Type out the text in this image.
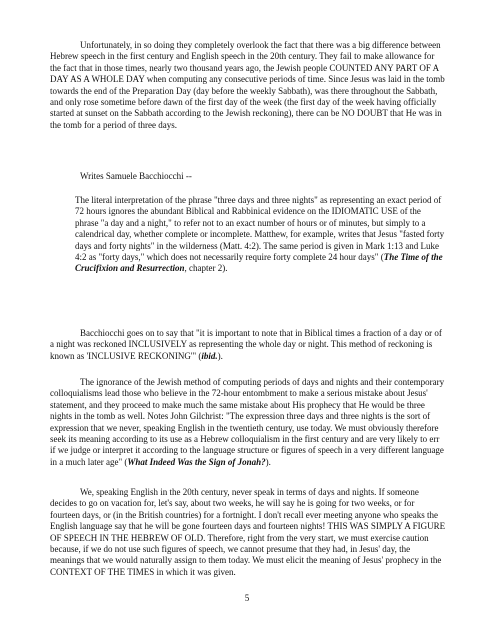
Unfortunately, in so doing they completely overlook the fact that there was a big difference between Hebrew speech in the first century and English speech in the 20th century. They fail to make allowance for the fact that in those times, nearly two thousand years ago, the Jewish people COUNTED ANY PART OF A DAY AS A WHOLE DAY when computing any consecutive periods of time. Since Jesus was laid in the tomb towards the end of the Preparation Day (day before the weekly Sabbath), was there throughout the Sabbath, and only rose sometime before dawn of the first day of the week (the first day of the week having officially started at sunset on the Sabbath according to the Jewish reckoning), there can be NO DOUBT that He was in the tomb for a period of three days.

Writes Samuele Bacchiocchi --

The literal interpretation of the phrase "three days and three nights" as representing an exact period of 72 hours ignores the abundant Biblical and Rabbinical evidence on the IDIOMATIC USE of the phrase "a day and a night," to refer not to an exact number of hours or of minutes, but simply to a calendrical day, whether complete or incomplete. Matthew, for example, writes that Jesus "fasted forty days and forty nights" in the wilderness (Matt. 4:2). The same period is given in Mark 1:13 and Luke 4:2 as "forty days," which does not necessarily require forty complete 24 hour days" (The Time of the Crucifixion and Resurrection, chapter 2).

Bacchiocchi goes on to say that "it is important to note that in Biblical times a fraction of a day or of a night was reckoned INCLUSIVELY as representing the whole day or night. This method of reckoning is known as 'INCLUSIVE RECKONING'" (ibid.).

The ignorance of the Jewish method of computing periods of days and nights and their contemporary colloquialisms lead those who believe in the 72-hour entombment to make a serious mistake about Jesus' statement, and they proceed to make much the same mistake about His prophecy that He would be three nights in the tomb as well. Notes John Gilchrist: "The expression three days and three nights is the sort of expression that we never, speaking English in the twentieth century, use today. We must obviously therefore seek its meaning according to its use as a Hebrew colloquialism in the first century and are very likely to err if we judge or interpret it according to the language structure or figures of speech in a very different language in a much later age" (What Indeed Was the Sign of Jonah?).

We, speaking English in the 20th century, never speak in terms of days and nights. If someone decides to go on vacation for, let's say, about two weeks, he will say he is going for two weeks, or for fourteen days, or (in the British countries) for a fortnight. I don't recall ever meeting anyone who speaks the English language say that he will be gone fourteen days and fourteen nights! THIS WAS SIMPLY A FIGURE OF SPEECH IN THE HEBREW OF OLD. Therefore, right from the very start, we must exercise caution because, if we do not use such figures of speech, we cannot presume that they had, in Jesus' day, the meanings that we would naturally assign to them today. We must elicit the meaning of Jesus' prophecy in the CONTEXT OF THE TIMES in which it was given.

5
